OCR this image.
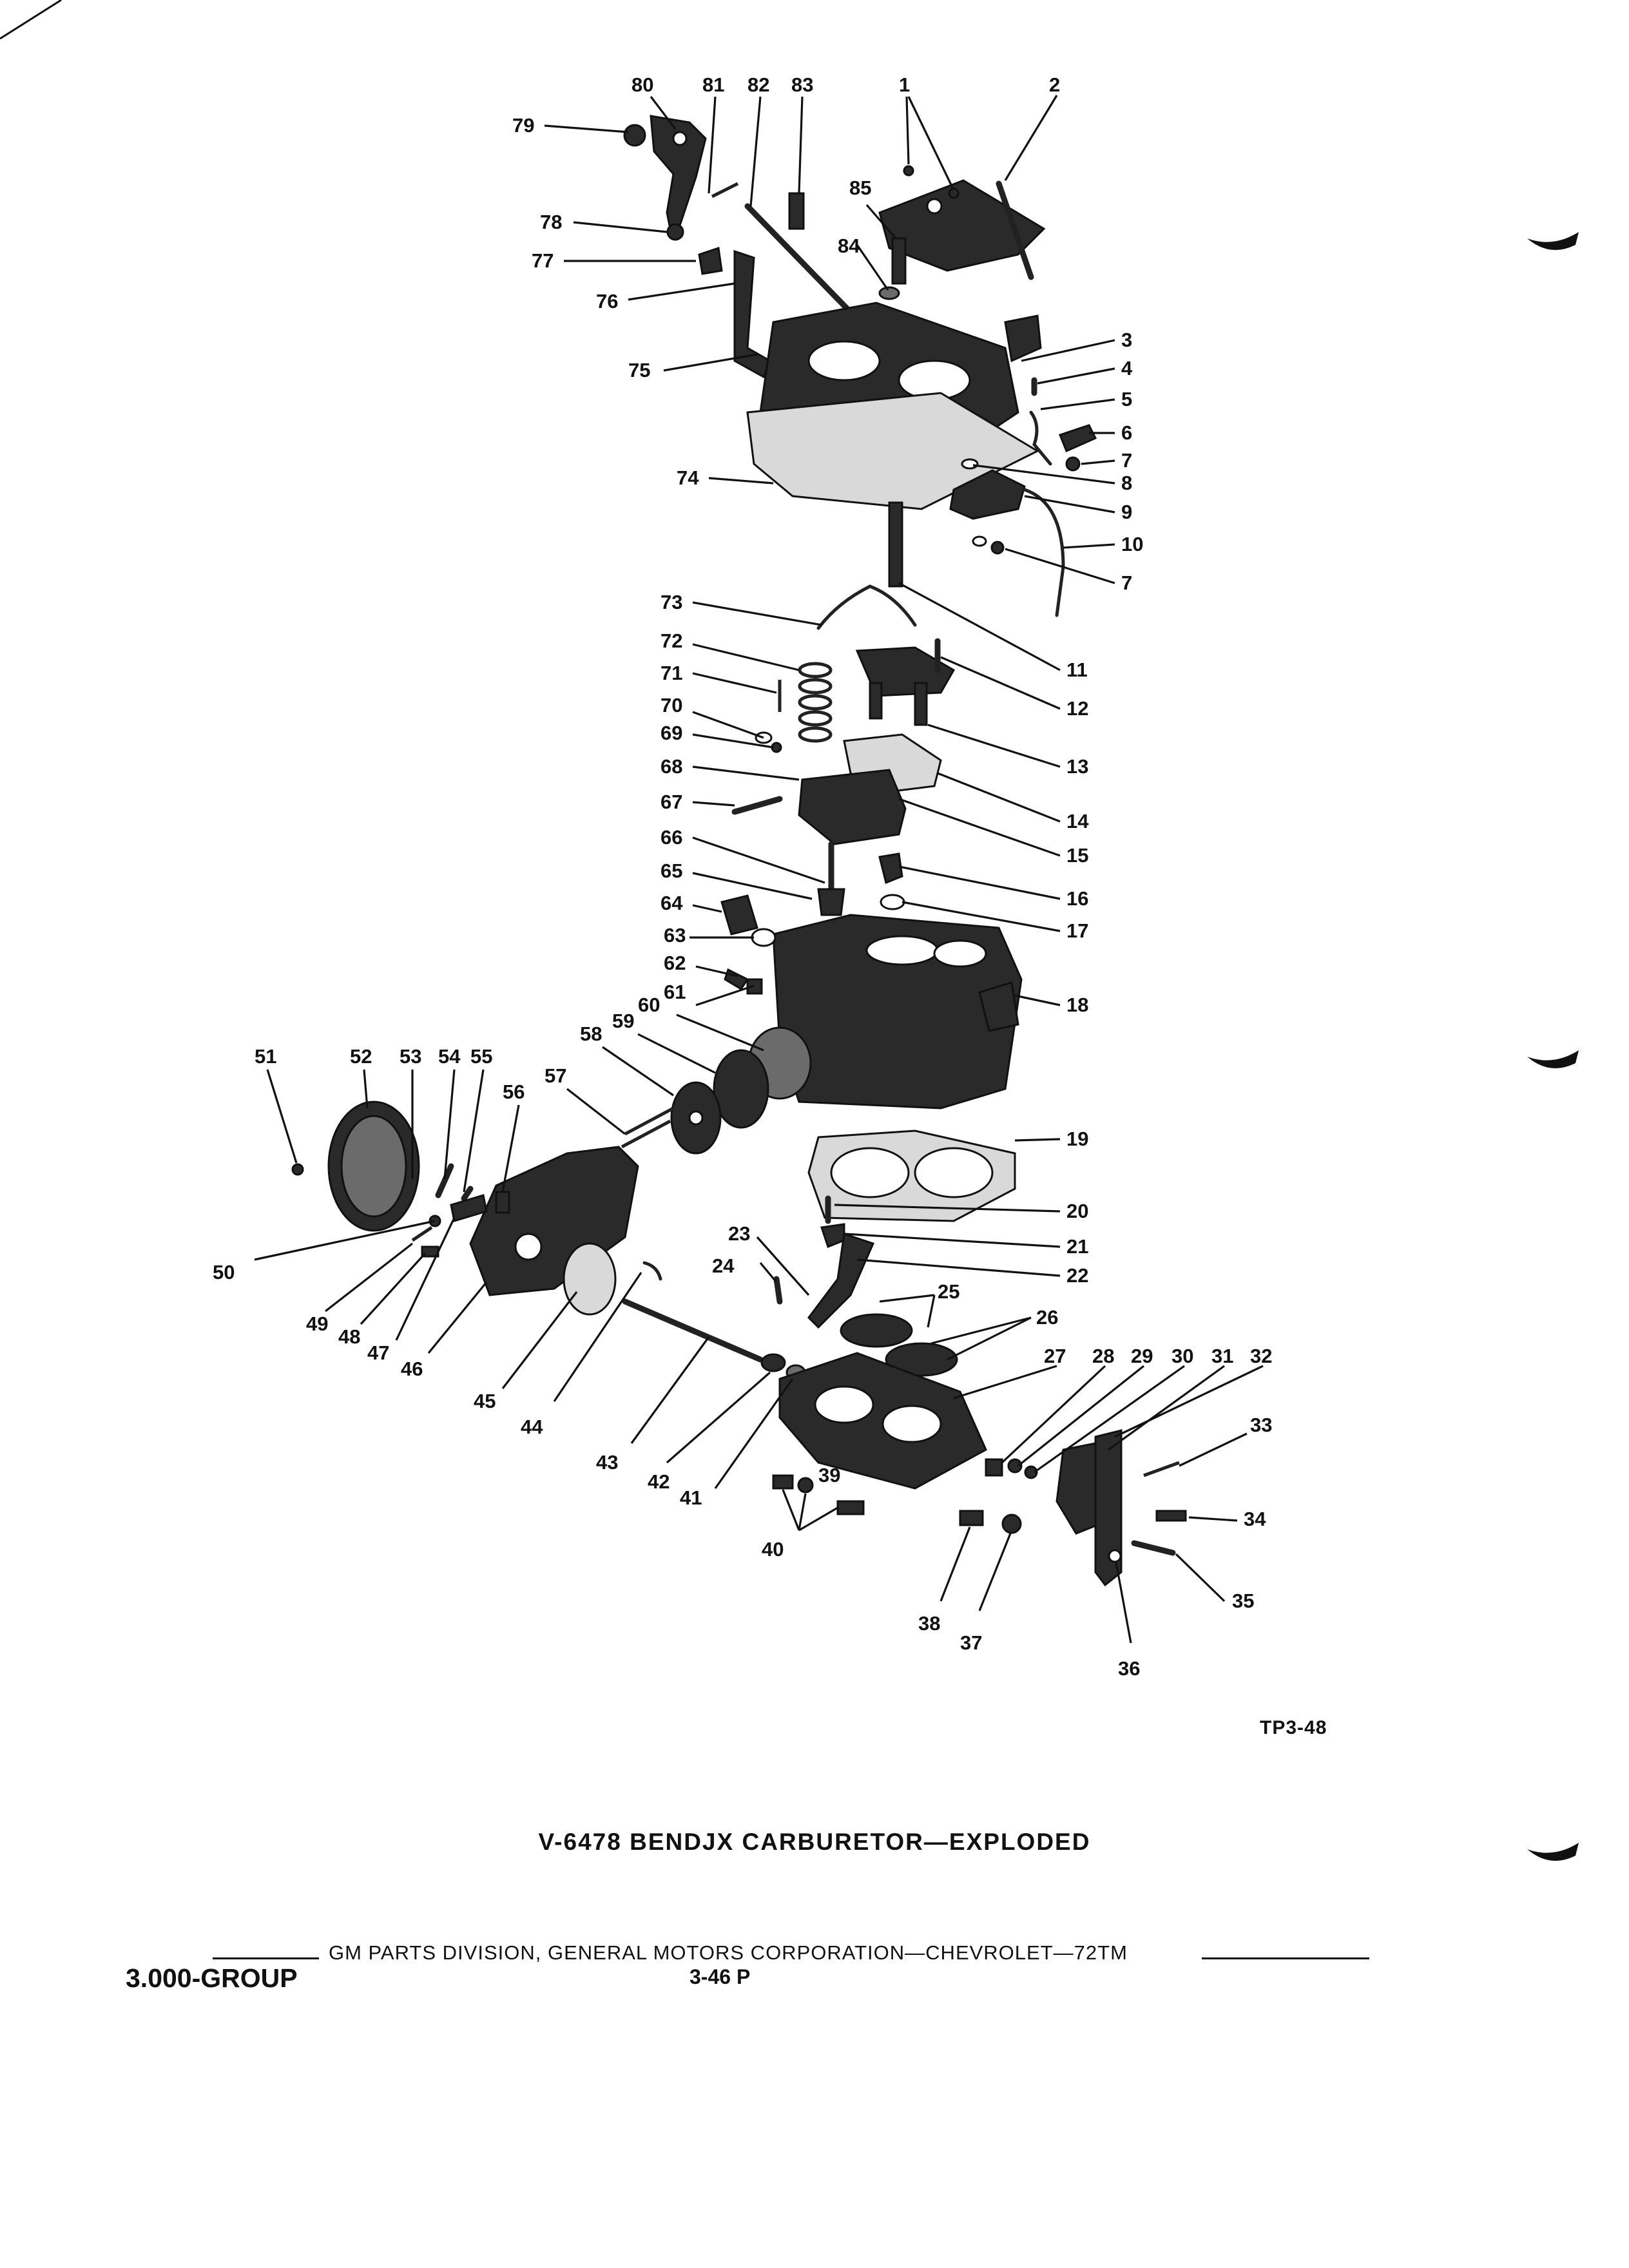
1	2
3
4
5
6
7
7
8
9
10
11
12
13
14
15
16
17
18
19
20
21
22
23
24
25
26
27 28 29 30 31 32
33
34
35
36
37
38
39
40
41
42
43
44
45
46
47
48
49
50
51	52 53 54 55
56
57
58
59
60
61
62
63
64
65
66
67
68
69
70
71
72
73
74
75
76
77
78
79
80 81 82 83
84
85
TP3-48
V-6478 BENDJX CARBURETOR—EXPLODED
GM PARTS DIVISION, GENERAL MOTORS CORPORATION—CHEVROLET—72TM
3.000-GROUP	3-46 P
